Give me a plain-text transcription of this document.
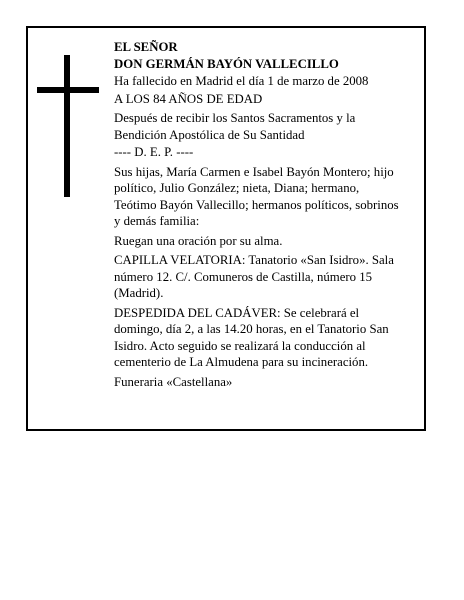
EL SEÑOR
DON GERMÁN BAYÓN VALLECILLO
Ha fallecido en Madrid el día 1 de marzo de 2008
A LOS 84 AÑOS DE EDAD
Después de recibir los Santos Sacramentos y la
Bendición Apostólica de Su Santidad
---- D. E. P. ----
Sus hijas, María Carmen e Isabel Bayón Montero; hijo
político, Julio González; nieta, Diana; hermano,
Teótimo Bayón Vallecillo; hermanos políticos, sobrinos
y demás familia:
Ruegan una oración por su alma.
CAPILLA VELATORIA: Tanatorio «San Isidro». Sala
número 12. C/. Comuneros de Castilla, número 15
(Madrid).
DESPEDIDA DEL CADÁVER: Se celebrará el
domingo, día 2, a las 14.20 horas, en el Tanatorio San
Isidro. Acto seguido se realizará la conducción al
cementerio de La Almudena para su incineración.
Funeraria «Castellana»
